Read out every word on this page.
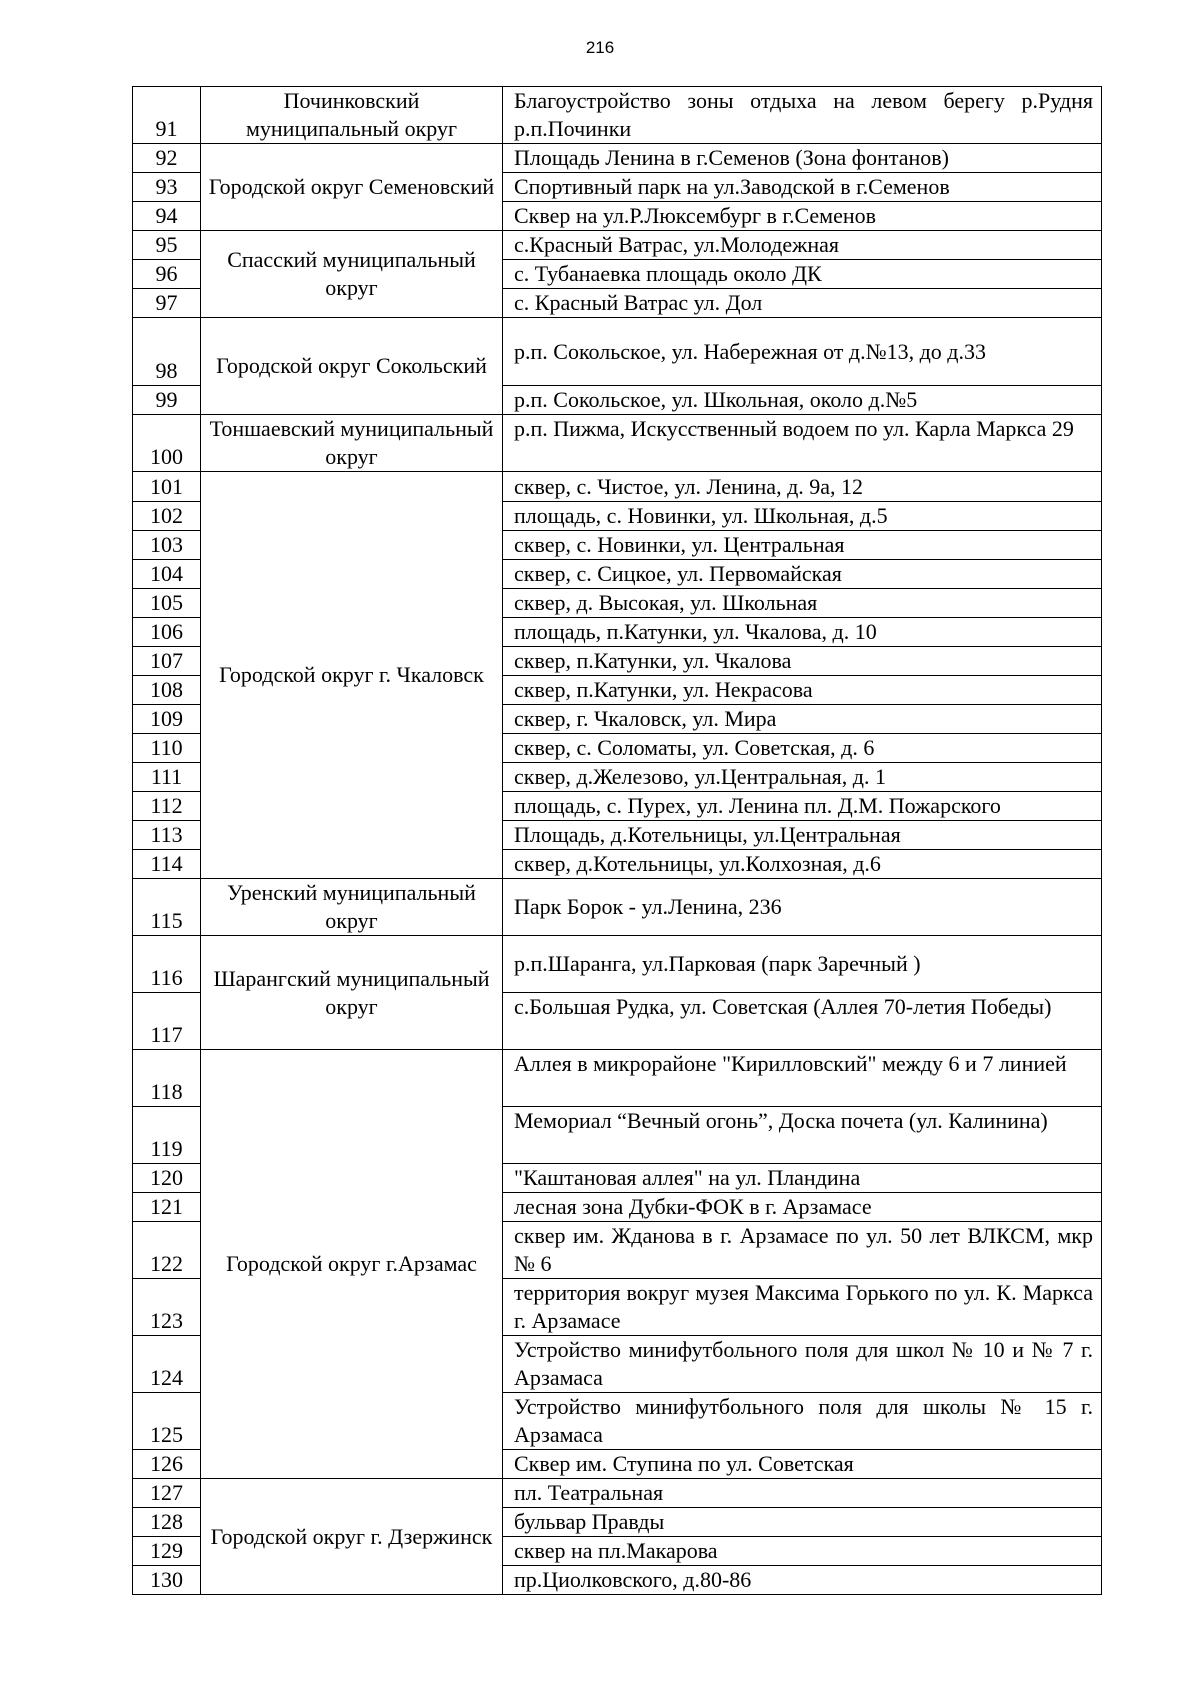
216
91	Починковский муниципальный округ	Благоустройство зоны отдыха на левом берегу р.Рудня р.п.Починки
92	Городской округ Семеновский	Площадь Ленина в г.Семенов (Зона фонтанов)
93		Спортивный парк на ул.Заводской в г.Семенов
94		Сквер на ул.Р.Люксембург в г.Семенов
95	Спасский муниципальный округ	с.Красный Ватрас, ул.Молодежная
96		с. Тубанаевка площадь около ДК
97		с. Красный Ватрас ул. Дол
98	Городской округ Сокольский	р.п. Сокольское, ул. Набережная от д.№13, до д.33
99		р.п. Сокольское, ул. Школьная, около д.№5
100	Тоншаевский муниципальный округ	р.п. Пижма, Искусственный водоем по ул. Карла Маркса 29
101	Городской округ г. Чкаловск	сквер, с. Чистое, ул. Ленина, д. 9а, 12
102		площадь, с. Новинки, ул. Школьная, д.5
103		сквер, с. Новинки, ул. Центральная
104		сквер, с. Сицкое, ул. Первомайская
105		сквер, д. Высокая, ул. Школьная
106		площадь, п.Катунки, ул. Чкалова, д. 10
107		сквер, п.Катунки, ул. Чкалова
108		сквер, п.Катунки, ул. Некрасова
109		сквер, г. Чкаловск, ул. Мира
110		сквер, с. Соломаты, ул. Советская, д. 6
111		сквер, д.Железово, ул.Центральная, д. 1
112		площадь, с. Пурех, ул. Ленина пл. Д.М. Пожарского
113		Площадь, д.Котельницы, ул.Центральная
114		сквер, д.Котельницы, ул.Колхозная, д.6
115	Уренский муниципальный округ	Парк Борок - ул.Ленина, 236
116	Шарангский муниципальный округ	р.п.Шаранга, ул.Парковая (парк Заречный )
117		с.Большая Рудка, ул. Советская (Аллея 70-летия Победы)
118	Городской округ г.Арзамас	Аллея в микрорайоне "Кирилловский" между 6 и 7 линией
119		Мемориал “Вечный огонь”, Доска почета (ул. Калинина)
120		"Каштановая аллея" на ул. Пландина
121		лесная зона Дубки-ФОК в г. Арзамасе
122		сквер им. Жданова в г. Арзамасе по ул. 50 лет ВЛКСМ, мкр № 6
123		территория вокруг музея Максима Горького по ул. К. Маркса г. Арзамасе
124		Устройство минифутбольного поля для школ № 10 и № 7 г. Арзамаса
125		Устройство минифутбольного поля для школы № 15 г. Арзамаса
126		Сквер им. Ступина по ул. Советская
127	Городской округ г. Дзержинск	пл. Театральная
128		бульвар Правды
129		сквер на пл.Макарова
130		пр.Циолковского, д.80-86
